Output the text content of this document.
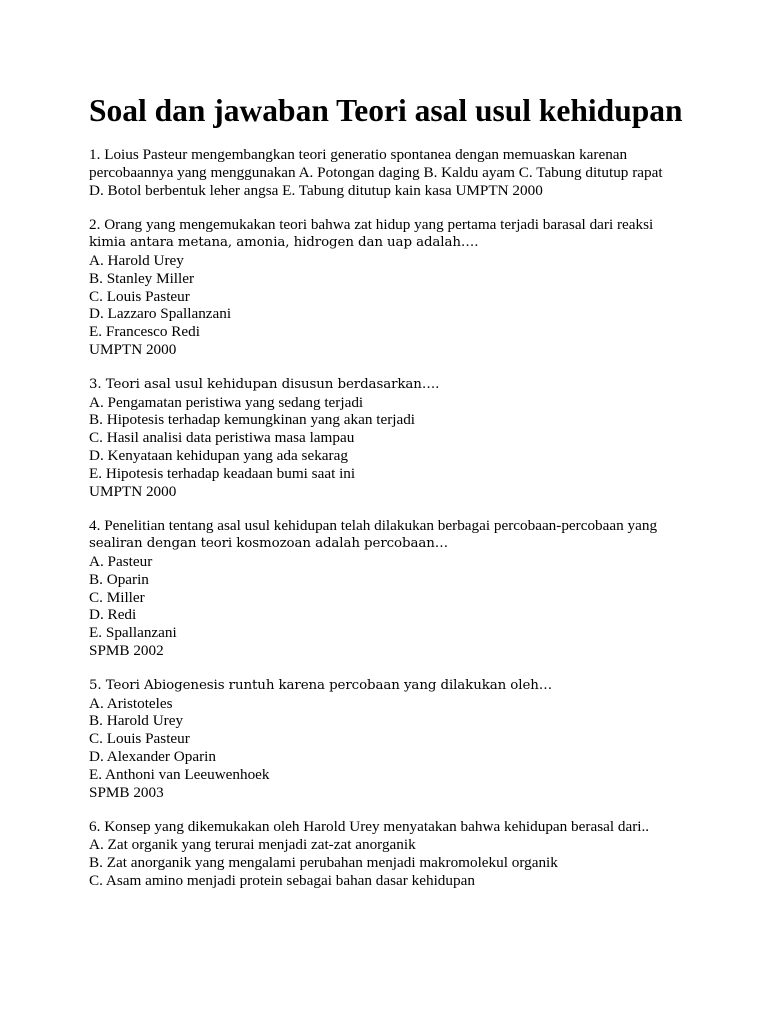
Soal dan jawaban Teori asal usul kehidupan
1. Loius Pasteur mengembangkan teori generatio spontanea dengan memuaskan karenan
percobaannya yang menggunakan A. Potongan daging B. Kaldu ayam C. Tabung ditutup rapat
D. Botol berbentuk leher angsa E. Tabung ditutup kain kasa UMPTN 2000
2. Orang yang mengemukakan teori bahwa zat hidup yang pertama terjadi barasal dari reaksi
kimia antara metana, amonia, hidrogen dan uap adalah….
A. Harold Urey
B. Stanley Miller
C. Louis Pasteur
D. Lazzaro Spallanzani
E. Francesco Redi
UMPTN 2000
3. Teori asal usul kehidupan disusun berdasarkan….
A. Pengamatan peristiwa yang sedang terjadi
B. Hipotesis terhadap kemungkinan yang akan terjadi
C. Hasil analisi data peristiwa masa lampau
D. Kenyataan kehidupan yang ada sekarag
E. Hipotesis terhadap keadaan bumi saat ini
UMPTN 2000
4. Penelitian tentang asal usul kehidupan telah dilakukan berbagai percobaan-percobaan yang
sealiran dengan teori kosmozoan adalah percobaan…
A. Pasteur
B. Oparin
C. Miller
D. Redi
E. Spallanzani
SPMB 2002
5. Teori Abiogenesis runtuh karena percobaan yang dilakukan oleh…
A. Aristoteles
B. Harold Urey
C. Louis Pasteur
D. Alexander Oparin
E. Anthoni van Leeuwenhoek
SPMB 2003
6. Konsep yang dikemukakan oleh Harold Urey menyatakan bahwa kehidupan berasal dari..
A. Zat organik yang terurai menjadi zat-zat anorganik
B. Zat anorganik yang mengalami perubahan menjadi makromolekul organik
C. Asam amino menjadi protein sebagai bahan dasar kehidupan
